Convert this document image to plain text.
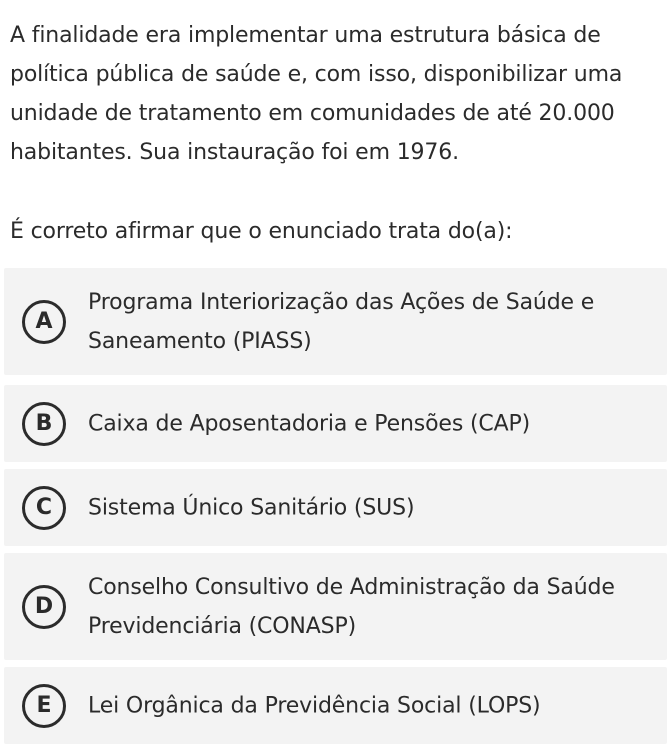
A finalidade era implementar uma estrutura básica de política pública de saúde e, com isso, disponibilizar uma unidade de tratamento em comunidades de até 20.000 habitantes. Sua instauração foi em 1976.

É correto afirmar que o enunciado trata do(a):

A
Programa Interiorização das Ações de Saúde e Saneamento (PIASS)
B	Caixa de Aposentadoria e Pensões (CAP)
C	Sistema Único Sanitário (SUS)
D
Conselho Consultivo de Administração da Saúde Previdenciária (CONASP)
E	Lei Orgânica da Previdência Social (LOPS)
